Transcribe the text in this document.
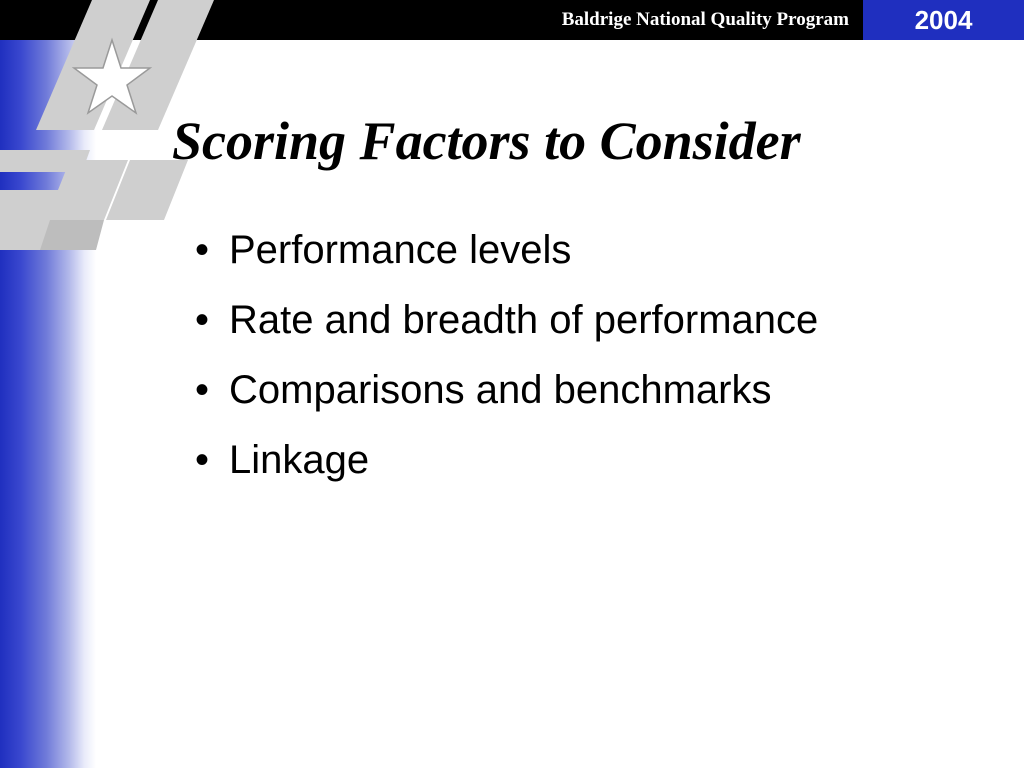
Baldrige National Quality Program	2004
Scoring Factors to Consider
• Performance levels
• Rate and breadth of performance
• Comparisons and benchmarks
• Linkage
